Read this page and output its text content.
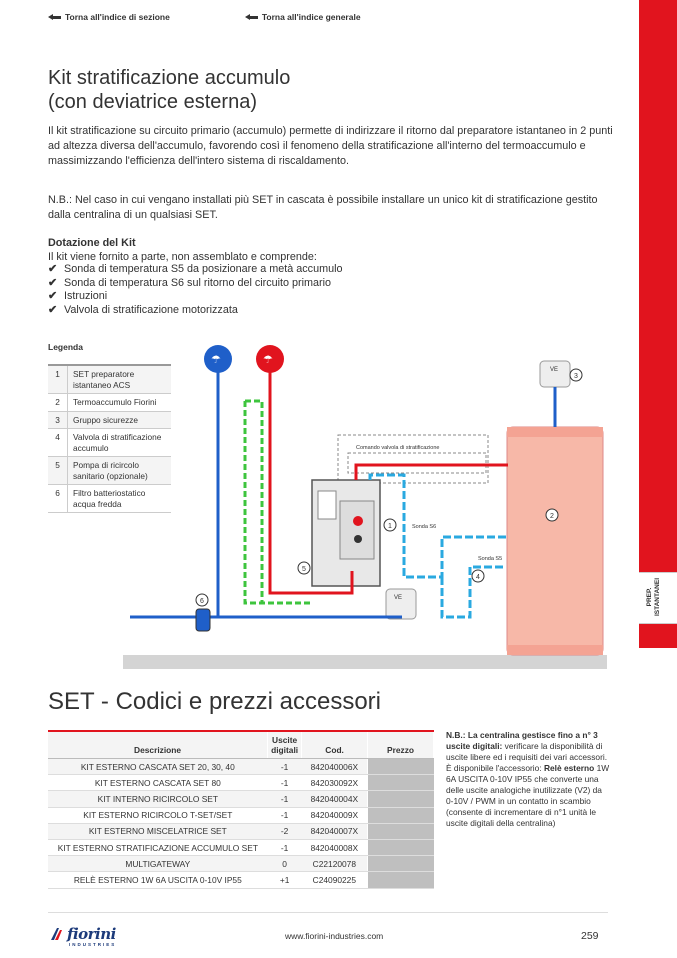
Torna all'indice di sezione	Torna all'indice generale
PREP. ISTANTANEI
Kit stratificazione accumulo
(con deviatrice esterna)

Il kit stratificazione su circuito primario (accumulo) permette di indirizzare il ritorno dal preparatore istantaneo in 2 punti ad altezza diversa dell'accumulo, favorendo così il fenomeno della stratificazione all'interno del termoaccumulo e massimizzando l'efficienza dell'intero sistema di riscaldamento.

N.B.: Nel caso in cui vengano installati più SET in cascata è possibile installare un unico kit di stratificazione gestito dalla centralina di un qualsiasi SET.

Dotazione del Kit

Il kit viene fornito a parte, non assemblato e comprende:

✔ Sonda di temperatura S5 da posizionare a metà accumulo
✔ Sonda di temperatura S6 sul ritorno del circuito primario
✔ Istruzioni
✔ Valvola di stratificazione motorizzata
Legenda
1	SET preparatore istantaneo ACS
2	Termoaccumulo Fiorini
3	Gruppo sicurezze
4	Valvola di stratificazione accumulo
5	Pompa di ricircolo sanitario (opzionale)
6	Filtro batteriostatico acqua fredda
VE
VE
Comando valvola di stratificazione
☂	☂
Sonda S6
Sonda S5
1
2
3
4
5
6
SET - Codici e prezzi accessori
Descrizione	Uscite
digitali	Cod.	Prezzo
KIT ESTERNO CASCATA SET 20, 30, 40	-1	842040006X	
KIT ESTERNO CASCATA SET 80	-1	842030092X	
KIT INTERNO RICIRCOLO SET	-1	842040004X	
KIT ESTERNO RICIRCOLO T-SET/SET	-1	842040009X	
KIT ESTERNO MISCELATRICE SET	-2	842040007X	
KIT ESTERNO STRATIFICAZIONE ACCUMULO SET	-1	842040008X	
MULTIGATEWAY	0	C22120078	
RELÈ ESTERNO 1W 6A USCITA 0-10V IP55	+1	C24090225	
N.B.: La centralina gestisce fino a n° 3 uscite digitali: verificare la disponibilità di uscite libere ed i requisiti dei vari accessori. È disponibile l'accessorio: Relè esterno 1W 6A USCITA 0-10V IP55 che converte una delle uscite analogiche inutilizzate (V2) da 0-10V / PWM in un contatto in scambio (consente di incrementare di n°1 unità le uscite digitali della centralina)
fiorini
INDUSTRIES
www.fiorini-industries.com	259
